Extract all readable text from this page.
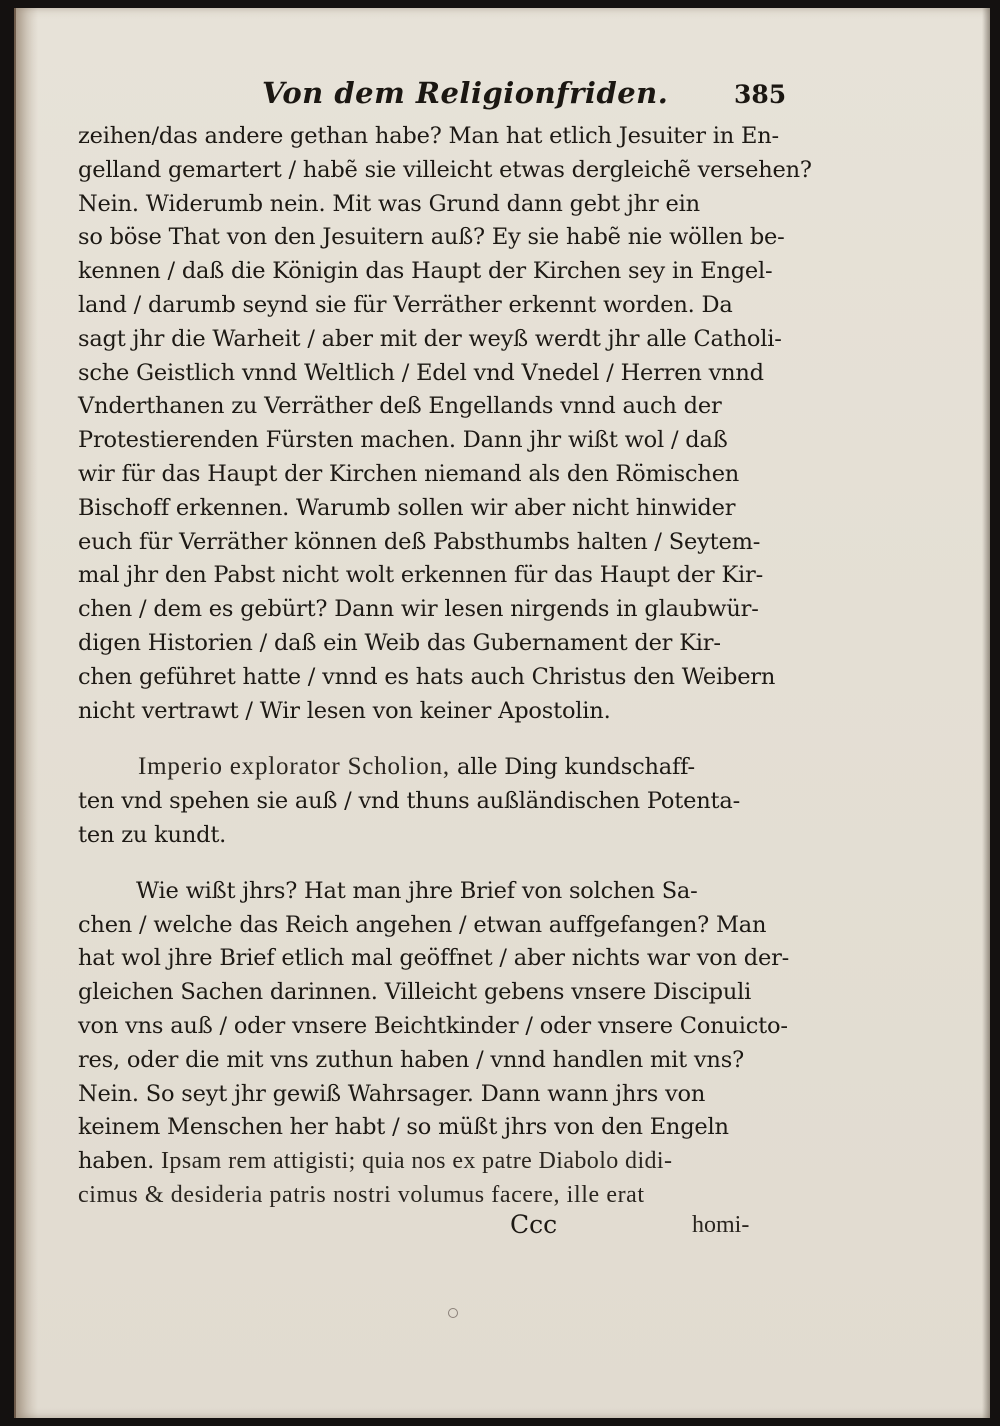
Von dem Religionfriden.	385

zeihen/das andere gethan habe? Man hat etlich Jesuiter in En-
gelland gemartert / habẽ sie villeicht etwas dergleichẽ versehen?
Nein. Widerumb nein. Mit was Grund dann gebt jhr ein
so böse That von den Jesuitern auß? Ey sie habẽ nie wöllen be-
kennen / daß die Königin das Haupt der Kirchen sey in Engel-
land / darumb seynd sie für Verräther erkennt worden. Da
sagt jhr die Warheit / aber mit der weyß werdt jhr alle Catholi-
sche Geistlich vnnd Weltlich / Edel vnd Vnedel / Herren vnnd
Vnderthanen zu Verräther deß Engellands vnnd auch der
Protestierenden Fürsten machen. Dann jhr wißt wol / daß
wir für das Haupt der Kirchen niemand als den Römischen
Bischoff erkennen. Warumb sollen wir aber nicht hinwider
euch für Verräther können deß Pabsthumbs halten / Seytem-
mal jhr den Pabst nicht wolt erkennen für das Haupt der Kir-
chen / dem es gebürt? Dann wir lesen nirgends in glaubwür-
digen Historien / daß ein Weib das Gubernament der Kir-
chen geführet hatte / vnnd es hats auch Christus den Weibern
nicht vertrawt / Wir lesen von keiner Apostolin.

Imperio explorator Scholion, alle Ding kundschaff-
ten vnd spehen sie auß / vnd thuns außländischen Potenta-
ten zu kundt.

Wie wißt jhrs? Hat man jhre Brief von solchen Sa-
chen / welche das Reich angehen / etwan auffgefangen? Man
hat wol jhre Brief etlich mal geöffnet / aber nichts war von der-
gleichen Sachen darinnen. Villeicht gebens vnsere Discipuli
von vns auß / oder vnsere Beichtkinder / oder vnsere Conuicto-
res, oder die mit vns zuthun haben / vnnd handlen mit vns?
Nein. So seyt jhr gewiß Wahrsager. Dann wann jhrs von
keinem Menschen her habt / so müßt jhrs von den Engeln
haben. Ipsam rem attigisti; quia nos ex patre Diabolo didi-
cimus & desideria patris nostri volumus facere, ille erat

Ccc	homi-
